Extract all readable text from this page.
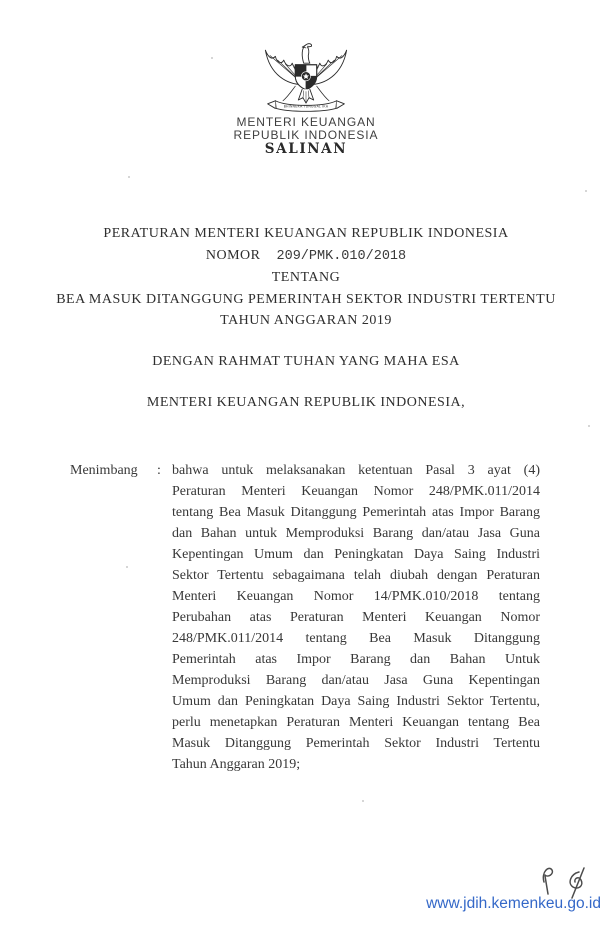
BHINNEKA TUNGGAL IKA
MENTERI KEUANGAN
REPUBLIK INDONESIA
SALINAN
PERATURAN MENTERI KEUANGAN REPUBLIK INDONESIA
NOMOR 209/PMK.010/2018
TENTANG
BEA MASUK DITANGGUNG PEMERINTAH SEKTOR INDUSTRI TERTENTU
TAHUN ANGGARAN 2019
DENGAN RAHMAT TUHAN YANG MAHA ESA
MENTERI KEUANGAN REPUBLIK INDONESIA,
Menimbang	: bahwa untuk melaksanakan ketentuan Pasal 3 ayat (4)
Peraturan Menteri Keuangan Nomor 248/PMK.011/2014
tentang Bea Masuk Ditanggung Pemerintah atas Impor Barang
dan Bahan untuk Memproduksi Barang dan/atau Jasa Guna
Kepentingan Umum dan Peningkatan Daya Saing Industri
Sektor Tertentu sebagaimana telah diubah dengan Peraturan
Menteri Keuangan Nomor 14/PMK.010/2018 tentang
Perubahan atas Peraturan Menteri Keuangan Nomor
248/PMK.011/2014 tentang Bea Masuk Ditanggung
Pemerintah atas Impor Barang dan Bahan Untuk
Memproduksi Barang dan/atau Jasa Guna Kepentingan
Umum dan Peningkatan Daya Saing Industri Sektor Tertentu,
perlu menetapkan Peraturan Menteri Keuangan tentang Bea
Masuk Ditanggung Pemerintah Sektor Industri Tertentu
Tahun Anggaran 2019;
www.jdih.kemenkeu.go.id
